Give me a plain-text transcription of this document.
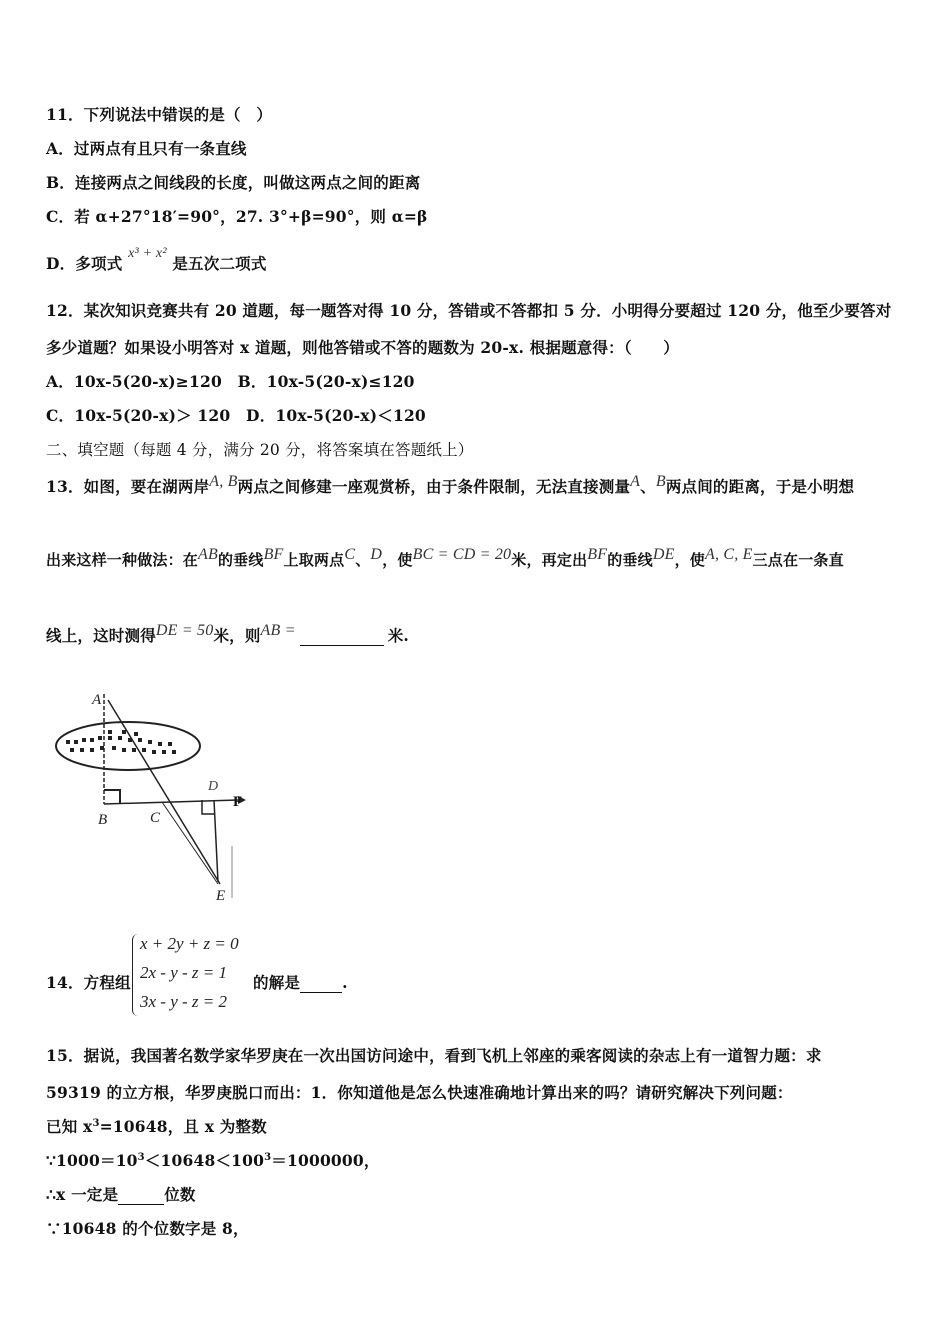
11．下列说法中错误的是（　）
A．过两点有且只有一条直线
B．连接两点之间线段的长度，叫做这两点之间的距离
C．若 α+27°18′=90°，27. 3°+β=90°，则 α=β
D．多项式 x³ + x² 是五次二项式
12．某次知识竞赛共有 20 道题，每一题答对得 10 分，答错或不答都扣 5 分．小明得分要超过 120 分，他至少要答对
多少道题？如果设小明答对 x 道题，则他答错或不答的题数为 20-x. 根据题意得：（　　）
A．10x-5(20-x)≥120　B．10x-5(20-x)≤120
C．10x-5(20-x)＞ 120　D．10x-5(20-x)＜120
二、填空题（每题 4 分，满分 20 分，将答案填在答题纸上）
13．如图，要在湖两岸A, B两点之间修建一座观赏桥，由于条件限制，无法直接测量A、B两点间的距离，于是小明想
出来这样一种做法：在AB的垂线BF上取两点C、D，使BC = CD = 20米，再定出BF的垂线DE，使A, C, E三点在一条直
线上，这时测得DE = 50米，则AB =	米.
A
B	C
D
F
E
14．方程组
x + 2y + z = 0
2x - y - z = 1
3x - y - z = 2
的解是	.
15．据说，我国著名数学家华罗庚在一次出国访问途中，看到飞机上邻座的乘客阅读的杂志上有一道智力题：求
59319 的立方根，华罗庚脱口而出：1．你知道他是怎么快速准确地计算出来的吗？请研究解决下列问题：
已知 $x^3=10648$，且 x 为整数
$\because 1000=10^3<10648<100^3=1000000$，
∴x 一定是	位数
∵10648 的个位数字是 8，
